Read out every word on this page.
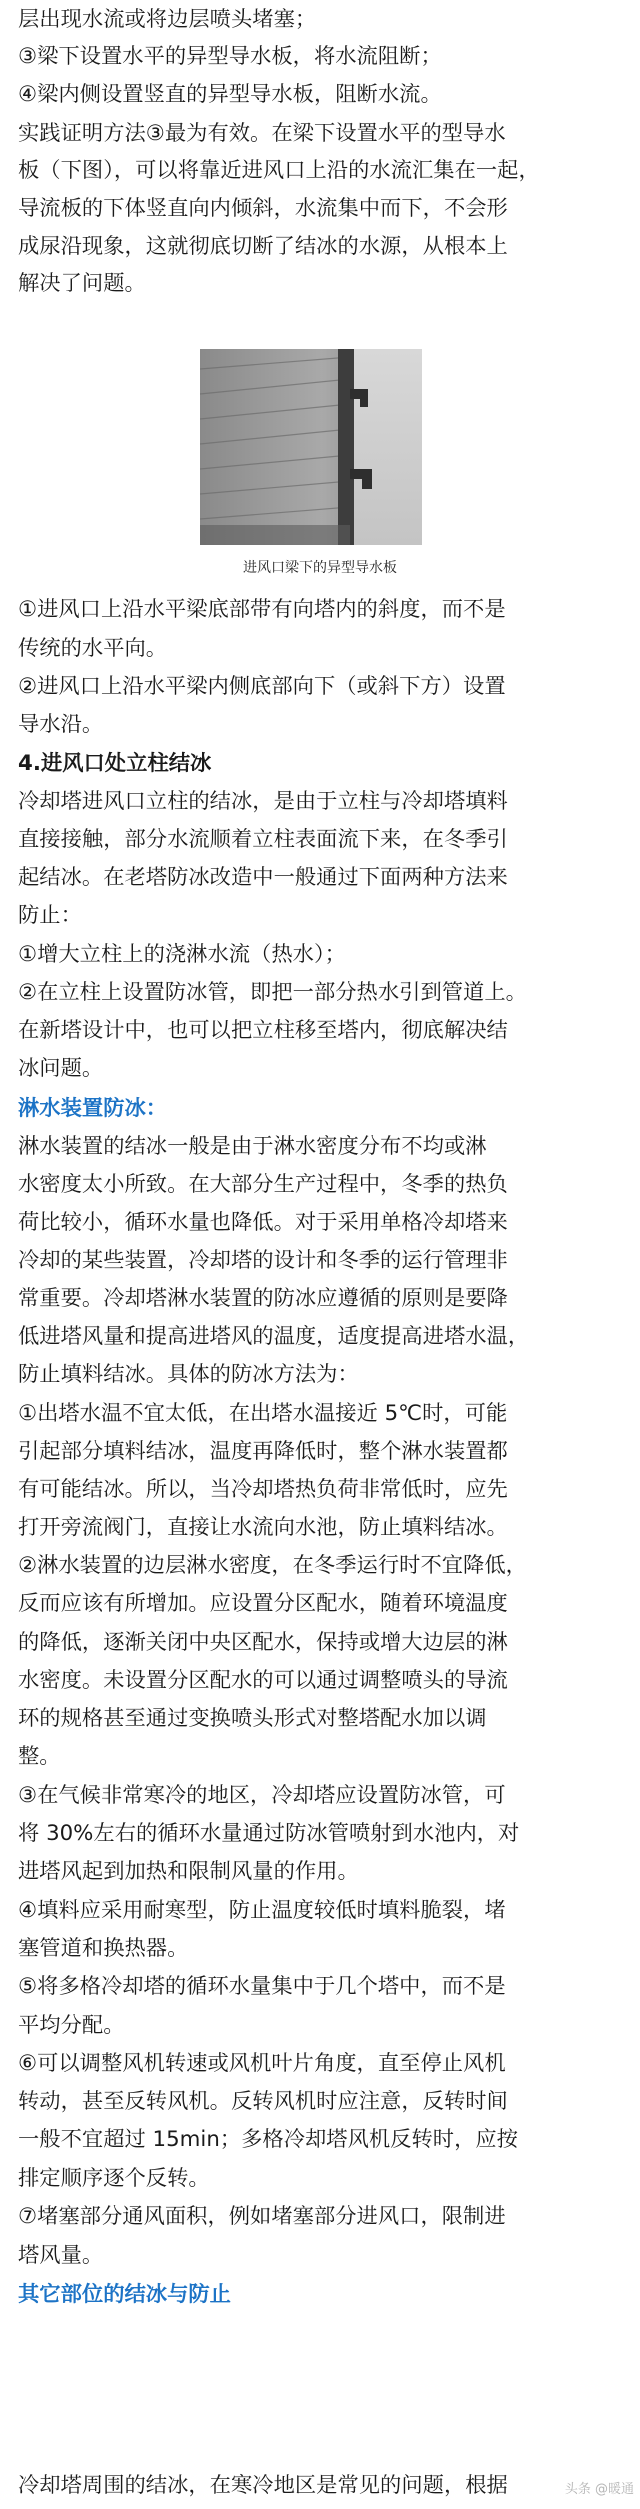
层出现水流或将边层喷头堵塞；
③梁下设置水平的异型导水板，将水流阻断；
④梁内侧设置竖直的异型导水板，阻断水流。
实践证明方法③最为有效。在梁下设置水平的型导水
板（下图），可以将靠近进风口上沿的水流汇集在一起，
导流板的下体竖直向内倾斜，水流集中而下，不会形
成尿沿现象，这就彻底切断了结冰的水源，从根本上
解决了问题。
进风口梁下的异型导水板
①进风口上沿水平梁底部带有向塔内的斜度，而不是
传统的水平向。
②进风口上沿水平梁内侧底部向下（或斜下方）设置
导水沿。
4.进风口处立柱结冰
冷却塔进风口立柱的结冰，是由于立柱与冷却塔填料
直接接触，部分水流顺着立柱表面流下来，在冬季引
起结冰。在老塔防冰改造中一般通过下面两种方法来
防止：
①增大立柱上的浇淋水流（热水）；
②在立柱上设置防冰管，即把一部分热水引到管道上。
在新塔设计中，也可以把立柱移至塔内，彻底解决结
冰问题。
淋水装置防冰：
淋水装置的结冰一般是由于淋水密度分布不均或淋
水密度太小所致。在大部分生产过程中，冬季的热负
荷比较小，循环水量也降低。对于采用单格冷却塔来
冷却的某些装置，冷却塔的设计和冬季的运行管理非
常重要。冷却塔淋水装置的防冰应遵循的原则是要降
低进塔风量和提高进塔风的温度，适度提高进塔水温，
防止填料结冰。具体的防冰方法为：
①出塔水温不宜太低，在出塔水温接近 5℃时，可能
引起部分填料结冰，温度再降低时，整个淋水装置都
有可能结冰。所以，当冷却塔热负荷非常低时，应先
打开旁流阀门，直接让水流向水池，防止填料结冰。
②淋水装置的边层淋水密度，在冬季运行时不宜降低，
反而应该有所增加。应设置分区配水，随着环境温度
的降低，逐渐关闭中央区配水，保持或增大边层的淋
水密度。未设置分区配水的可以通过调整喷头的导流
环的规格甚至通过变换喷头形式对整塔配水加以调
整。
③在气候非常寒冷的地区，冷却塔应设置防冰管，可
将 30%左右的循环水量通过防冰管喷射到水池内，对
进塔风起到加热和限制风量的作用。
④填料应采用耐寒型，防止温度较低时填料脆裂，堵
塞管道和换热器。
⑤将多格冷却塔的循环水量集中于几个塔中，而不是
平均分配。
⑥可以调整风机转速或风机叶片角度，直至停止风机
转动，甚至反转风机。反转风机时应注意，反转时间
一般不宜超过 15min；多格冷却塔风机反转时，应按
排定顺序逐个反转。
⑦堵塞部分通风面积，例如堵塞部分进风口，限制进
塔风量。
其它部位的结冰与防止
冷却塔周围的结冰，在寒冷地区是常见的问题，根据	头条 @暖通
